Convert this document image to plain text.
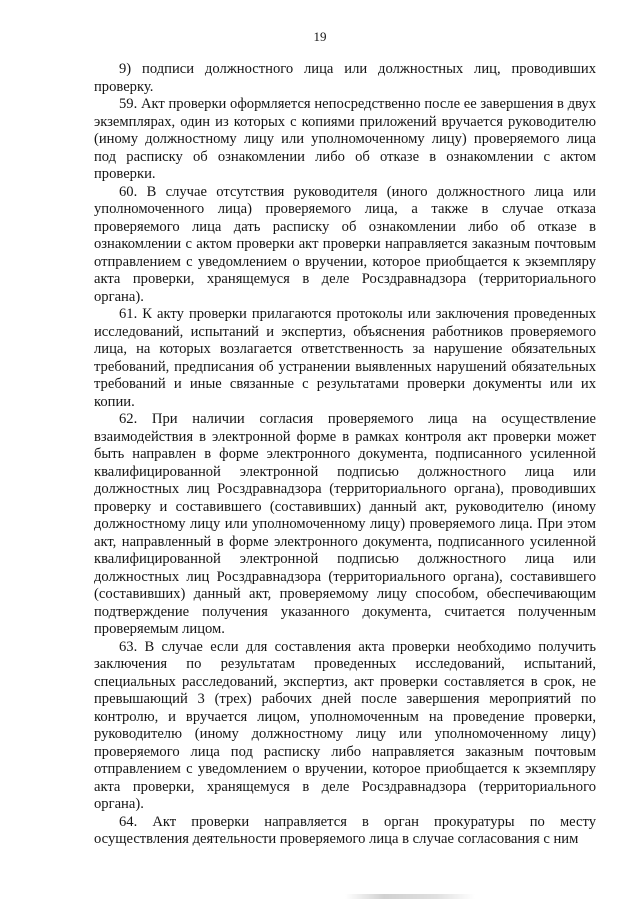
19

9) подписи должностного лица или должностных лиц, проводивших проверку.

59. Акт проверки оформляется непосредственно после ее завершения в двух экземплярах, один из которых с копиями приложений вручается руководителю (иному должностному лицу или уполномоченному лицу) проверяемого лица под расписку об ознакомлении либо об отказе в ознакомлении с актом проверки.

60. В случае отсутствия руководителя (иного должностного лица или уполномоченного лица) проверяемого лица, а также в случае отказа проверяемого лица дать расписку об ознакомлении либо об отказе в ознакомлении с актом проверки акт проверки направляется заказным почтовым отправлением с уведомлением о вручении, которое приобщается к экземпляру акта проверки, хранящемуся в деле Росздравнадзора (территориального органа).

61. К акту проверки прилагаются протоколы или заключения проведенных исследований, испытаний и экспертиз, объяснения работников проверяемого лица, на которых возлагается ответственность за нарушение обязательных требований, предписания об устранении выявленных нарушений обязательных требований и иные связанные с результатами проверки документы или их копии.

62. При наличии согласия проверяемого лица на осуществление взаимодействия в электронной форме в рамках контроля акт проверки может быть направлен в форме электронного документа, подписанного усиленной квалифицированной электронной подписью должностного лица или должностных лиц Росздравнадзора (территориального органа), проводивших проверку и составившего (составивших) данный акт, руководителю (иному должностному лицу или уполномоченному лицу) проверяемого лица. При этом акт, направленный в форме электронного документа, подписанного усиленной квалифицированной электронной подписью должностного лица или должностных лиц Росздравнадзора (территориального органа), составившего (составивших) данный акт, проверяемому лицу способом, обеспечивающим подтверждение получения указанного документа, считается полученным проверяемым лицом.

63. В случае если для составления акта проверки необходимо получить заключения по результатам проведенных исследований, испытаний, специальных расследований, экспертиз, акт проверки составляется в срок, не превышающий 3 (трех) рабочих дней после завершения мероприятий по контролю, и вручается лицом, уполномоченным на проведение проверки, руководителю (иному должностному лицу или уполномоченному лицу) проверяемого лица под расписку либо направляется заказным почтовым отправлением с уведомлением о вручении, которое приобщается к экземпляру акта проверки, хранящемуся в деле Росздравнадзора (территориального органа).

64. Акт проверки направляется в орган прокуратуры по месту осуществления деятельности проверяемого лица в случае согласования с ним
